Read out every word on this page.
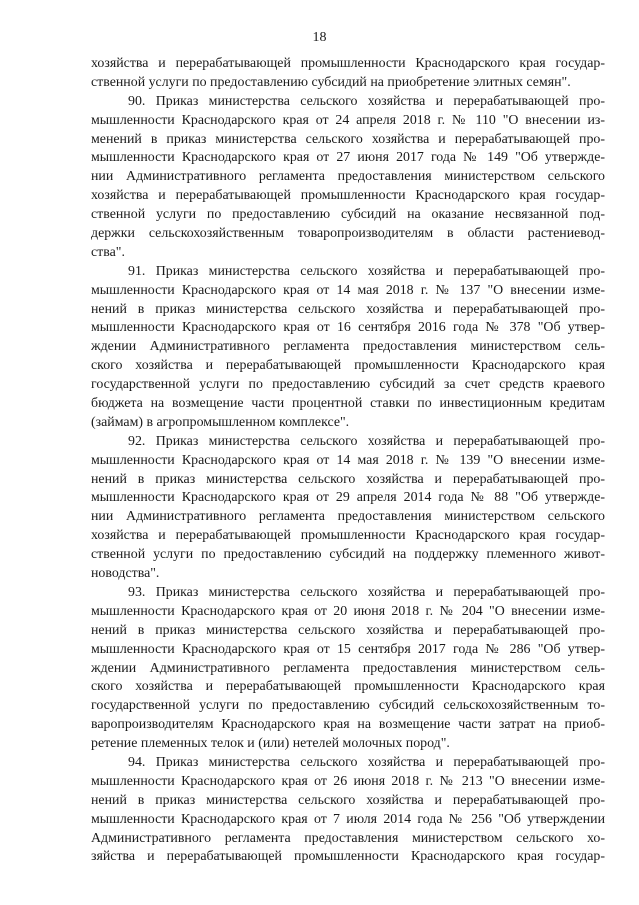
18
хозяйства и перерабатывающей промышленности Краснодарского края государ-
ственной услуги по предоставлению субсидий на приобретение элитных семян".
90. Приказ министерства сельского хозяйства и перерабатывающей про-
мышленности Краснодарского края от 24 апреля 2018 г. № 110 "О внесении из-
менений в приказ министерства сельского хозяйства и перерабатывающей про-
мышленности Краснодарского края от 27 июня 2017 года № 149 "Об утвержде-
нии Административного регламента предоставления министерством сельского
хозяйства и перерабатывающей промышленности Краснодарского края государ-
ственной услуги по предоставлению субсидий на оказание несвязанной под-
держки сельскохозяйственным товаропроизводителям в области растениевод-
ства".
91. Приказ министерства сельского хозяйства и перерабатывающей про-
мышленности Краснодарского края от 14 мая 2018 г. № 137 "О внесении изме-
нений в приказ министерства сельского хозяйства и перерабатывающей про-
мышленности Краснодарского края от 16 сентября 2016 года № 378 "Об утвер-
ждении Административного регламента предоставления министерством сель-
ского хозяйства и перерабатывающей промышленности Краснодарского края
государственной услуги по предоставлению субсидий за счет средств краевого
бюджета на возмещение части процентной ставки по инвестиционным кредитам
(займам) в агропромышленном комплексе".
92. Приказ министерства сельского хозяйства и перерабатывающей про-
мышленности Краснодарского края от 14 мая 2018 г. № 139 "О внесении изме-
нений в приказ министерства сельского хозяйства и перерабатывающей про-
мышленности Краснодарского края от 29 апреля 2014 года № 88 "Об утвержде-
нии Административного регламента предоставления министерством сельского
хозяйства и перерабатывающей промышленности Краснодарского края государ-
ственной услуги по предоставлению субсидий на поддержку племенного живот-
новодства".
93. Приказ министерства сельского хозяйства и перерабатывающей про-
мышленности Краснодарского края от 20 июня 2018 г. № 204 "О внесении изме-
нений в приказ министерства сельского хозяйства и перерабатывающей про-
мышленности Краснодарского края от 15 сентября 2017 года № 286 "Об утвер-
ждении Административного регламента предоставления министерством сель-
ского хозяйства и перерабатывающей промышленности Краснодарского края
государственной услуги по предоставлению субсидий сельскохозяйственным то-
варопроизводителям Краснодарского края на возмещение части затрат на приоб-
ретение племенных телок и (или) нетелей молочных пород".
94. Приказ министерства сельского хозяйства и перерабатывающей про-
мышленности Краснодарского края от 26 июня 2018 г. № 213 "О внесении изме-
нений в приказ министерства сельского хозяйства и перерабатывающей про-
мышленности Краснодарского края от 7 июля 2014 года № 256 "Об утверждении
Административного регламента предоставления министерством сельского хо-
зяйства и перерабатывающей промышленности Краснодарского края государ-
